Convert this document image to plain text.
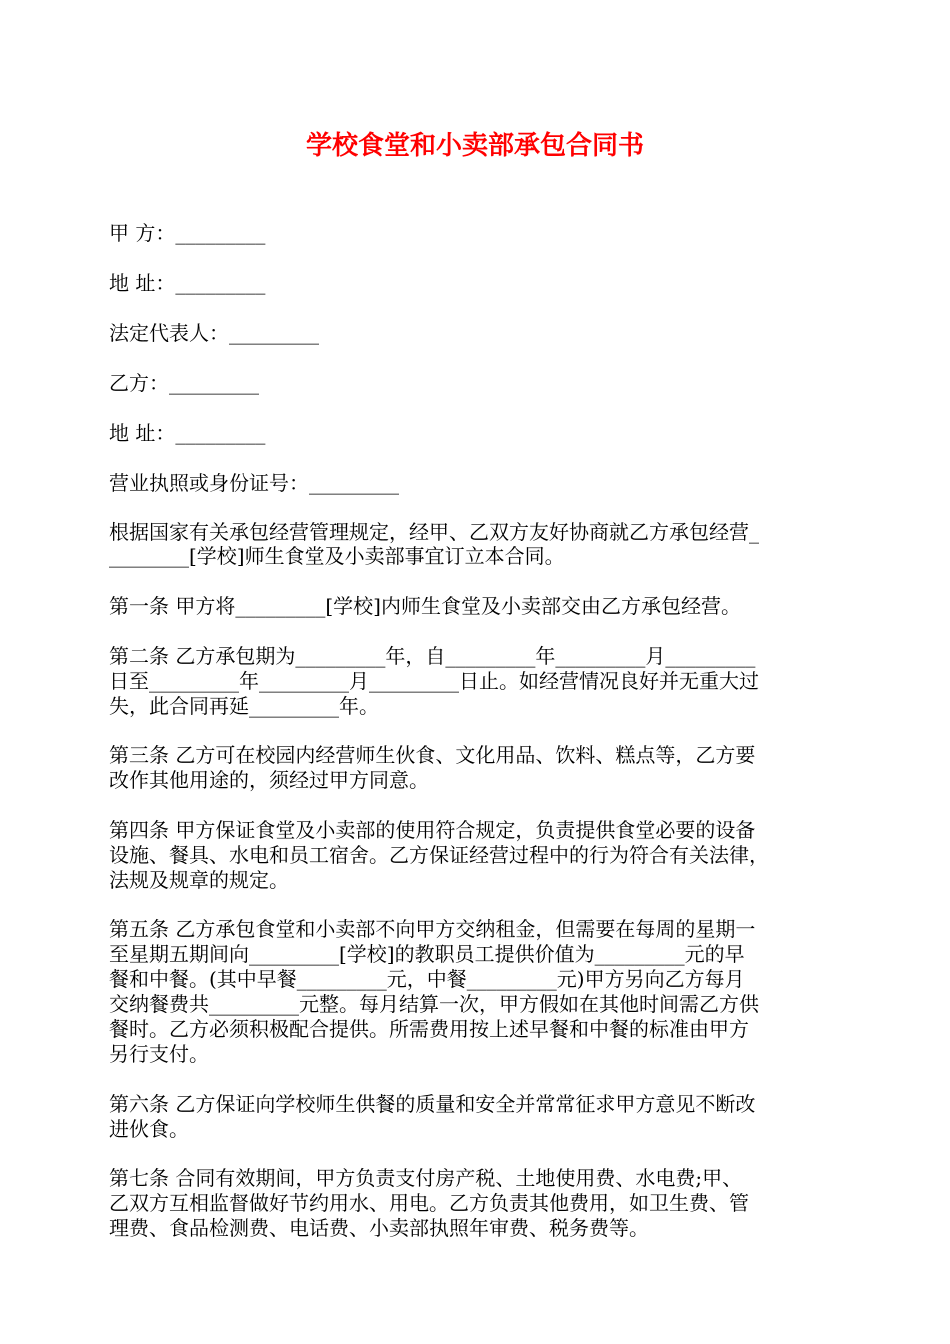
学校食堂和小卖部承包合同书
甲 方：_________
地 址：_________
法定代表人：_________
乙方：_________
地 址：_________
营业执照或身份证号：_________
根据国家有关承包经营管理规定，经甲、乙双方友好协商就乙方承包经营_
________[学校]师生食堂及小卖部事宜订立本合同。
第一条 甲方将_________[学校]内师生食堂及小卖部交由乙方承包经营。
第二条 乙方承包期为_________年，自_________年_________月_________
日至_________年_________月_________日止。如经营情况良好并无重大过
失，此合同再延_________年。
第三条 乙方可在校园内经营师生伙食、文化用品、饮料、糕点等，乙方要
改作其他用途的，须经过甲方同意。
第四条 甲方保证食堂及小卖部的使用符合规定，负责提供食堂必要的设备
设施、餐具、水电和员工宿舍。乙方保证经营过程中的行为符合有关法律，
法规及规章的规定。
第五条 乙方承包食堂和小卖部不向甲方交纳租金，但需要在每周的星期一
至星期五期间向_________[学校]的教职员工提供价值为_________元的早
餐和中餐。(其中早餐_________元，中餐_________元)甲方另向乙方每月
交纳餐费共_________元整。每月结算一次，甲方假如在其他时间需乙方供
餐时。乙方必须积极配合提供。所需费用按上述早餐和中餐的标准由甲方
另行支付。
第六条 乙方保证向学校师生供餐的质量和安全并常常征求甲方意见不断改
进伙食。
第七条 合同有效期间，甲方负责支付房产税、土地使用费、水电费;甲、
乙双方互相监督做好节约用水、用电。乙方负责其他费用，如卫生费、管
理费、食品检测费、电话费、小卖部执照年审费、税务费等。
